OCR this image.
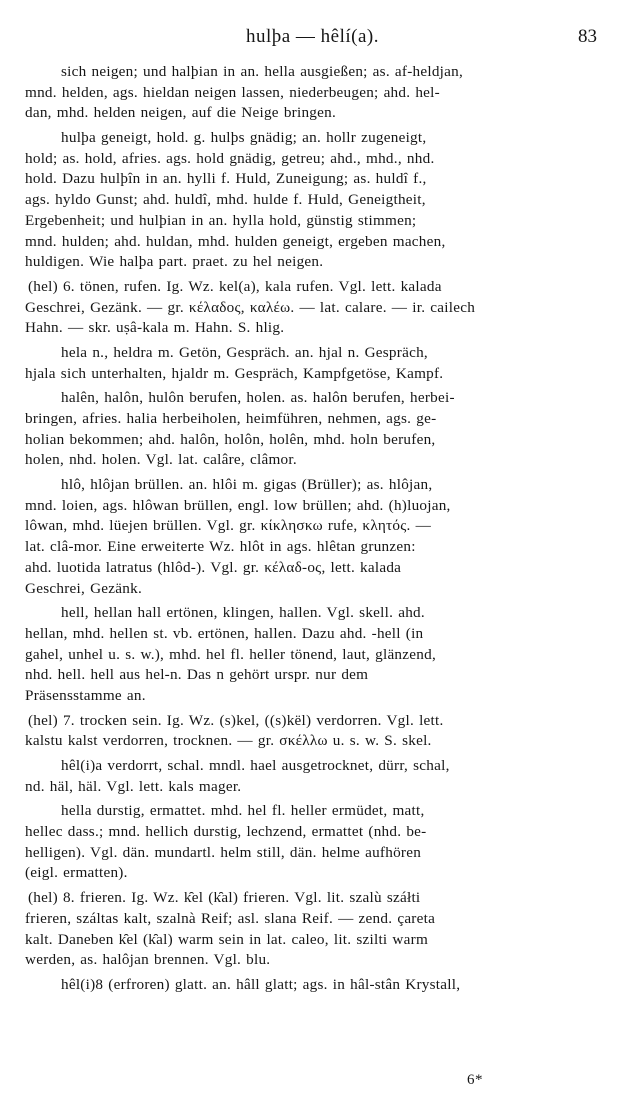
hulþa — hêlí(a).	83
sich neigen; und halþian in an. hella ausgießen; as. af-heldjan,
mnd. helden, ags. hieldan neigen lassen, niederbeugen; ahd. hel-
dan, mhd. helden neigen, auf die Neige bringen.
hulþa geneigt, hold. g. hulþs gnädig; an. hollr zugeneigt,
hold; as. hold, afries. ags. hold gnädig, getreu; ahd., mhd., nhd.
hold. Dazu hulþîn in an. hylli f. Huld, Zuneigung; as. huldî f.,
ags. hyldo Gunst; ahd. huldî, mhd. hulde f. Huld, Geneigtheit,
Ergebenheit; und hulþian in an. hylla hold, günstig stimmen;
mnd. hulden; ahd. huldan, mhd. hulden geneigt, ergeben machen,
huldigen. Wie halþa part. praet. zu hel neigen.
(hel) 6. tönen, rufen. Ig. Wz. kel(a), kala rufen. Vgl. lett. kalada
Geschrei, Gezänk. — gr. κέλαδος, καλέω. — lat. calare. — ir. cailech
Hahn. — skr. uṣâ-kala m. Hahn. S. hlig.
hela n., heldra m. Getön, Gespräch. an. hjal n. Gespräch,
hjala sich unterhalten, hjaldr m. Gespräch, Kampfgetöse, Kampf.
halên, halôn, hulôn berufen, holen. as. halôn berufen, herbei-
bringen, afries. halia herbeiholen, heimführen, nehmen, ags. ge-
holian bekommen; ahd. halôn, holôn, holên, mhd. holn berufen,
holen, nhd. holen. Vgl. lat. calâre, clâmor.
hlô, hlôjan brüllen. an. hlôi m. gigas (Brüller); as. hlôjan,
mnd. loien, ags. hlôwan brüllen, engl. low brüllen; ahd. (h)luojan,
lôwan, mhd. lüejen brüllen. Vgl. gr. κίκλησκω rufe, κλητός. —
lat. clâ-mor. Eine erweiterte Wz. hlôt in ags. hlêtan grunzen:
ahd. luotida latratus (hlôd-). Vgl. gr. κέλαδ-ος, lett. kalada
Geschrei, Gezänk.
hell, hellan hall ertönen, klingen, hallen. Vgl. skell. ahd.
hellan, mhd. hellen st. vb. ertönen, hallen. Dazu ahd. -hell (in
gahel, unhel u. s. w.), mhd. hel fl. heller tönend, laut, glänzend,
nhd. hell. hell aus hel-n. Das n gehört urspr. nur dem
Präsensstamme an.
(hel) 7. trocken sein. Ig. Wz. (s)kel, ((s)kël) verdorren. Vgl. lett.
kalstu kalst verdorren, trocknen. — gr. σκέλλω u. s. w. S. skel.
hêl(i)a verdorrt, schal. mndl. hael ausgetrocknet, dürr, schal,
nd. häl, häl. Vgl. lett. kals mager.
hella durstig, ermattet. mhd. hel fl. heller ermüdet, matt,
hellec dass.; mnd. hellich durstig, lechzend, ermattet (nhd. be-
helligen). Vgl. dän. mundartl. helm still, dän. helme aufhören
(eigl. ermatten).
(hel) 8. frieren. Ig. Wz. k̑el (k̑al) frieren. Vgl. lit. szalù száłti
frieren, száltas kalt, szalnà Reif; asl. slana Reif. — zend. çareta
kalt. Daneben k̑el (k̑al) warm sein in lat. caleo, lit. szilti warm
werden, as. halôjan brennen. Vgl. blu.
hêl(i)8 (erfroren) glatt. an. hâll glatt; ags. in hâl-stân Krystall,
6*
